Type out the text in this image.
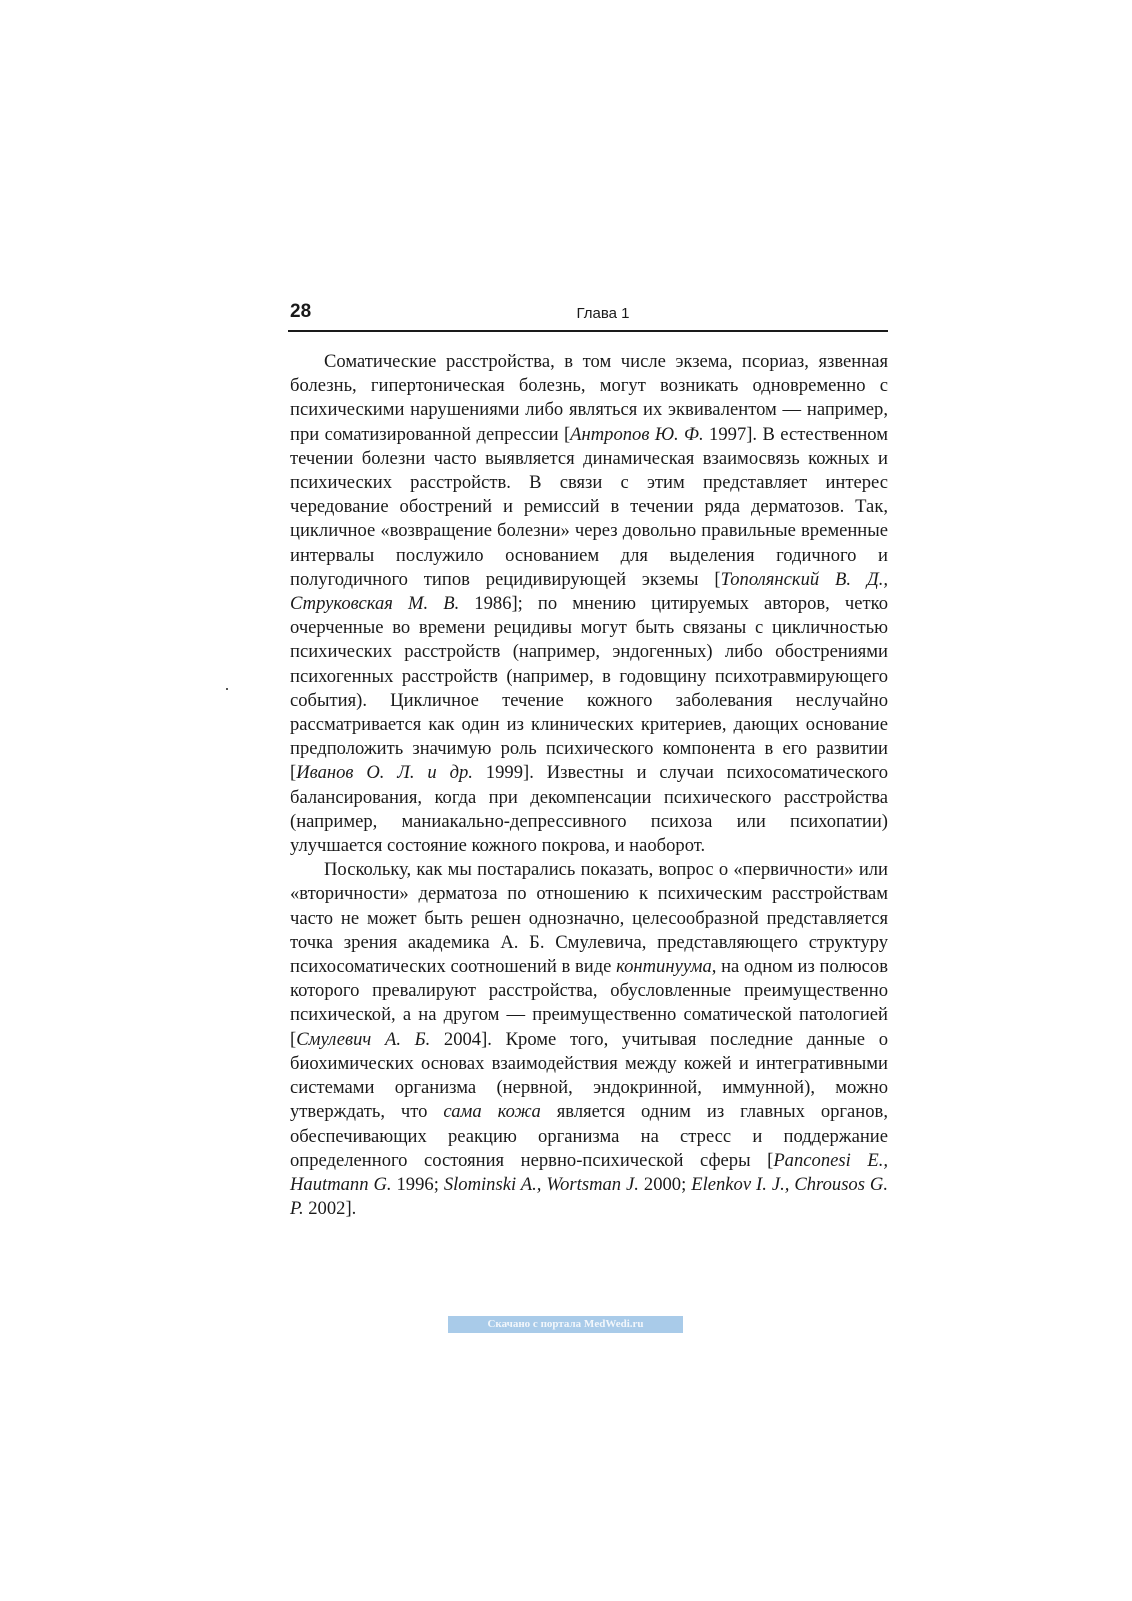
28	Глава 1

Соматические расстройства, в том числе экзема, псориаз, язвенная болезнь, гипертоническая болезнь, могут возникать одновременно с психическими нарушениями либо являться их эквивалентом — например, при соматизированной депрессии [Антропов Ю. Ф. 1997]. В естественном течении болезни часто выявляется динамическая взаимосвязь кожных и психических расстройств. В связи с этим представляет интерес чередование обострений и ремиссий в течении ряда дерматозов. Так, цикличное «возвращение болезни» через довольно правильные временные интервалы послужило основанием для выделения годичного и полугодичного типов рецидивирующей экземы [Тополянский В. Д., Струковская М. В. 1986]; по мнению цитируемых авторов, четко очерченные во времени рецидивы могут быть связаны с цикличностью психических расстройств (например, эндогенных) либо обострениями психогенных расстройств (например, в годовщину психотравмирующего события). Цикличное течение кожного заболевания неслучайно рассматривается как один из клинических критериев, дающих основание предположить значимую роль психического компонента в его развитии [Иванов О. Л. и др. 1999]. Известны и случаи психосоматического балансирования, когда при декомпенсации психического расстройства (например, маниакально-депрессивного психоза или психопатии) улучшается состояние кожного покрова, и наоборот.

Поскольку, как мы постарались показать, вопрос о «первичности» или «вторичности» дерматоза по отношению к психическим расстройствам часто не может быть решен однозначно, целесообразной представляется точка зрения академика А. Б. Смулевича, представляющего структуру психосоматических соотношений в виде континуума, на одном из полюсов которого превалируют расстройства, обусловленные преимущественно психической, а на другом — преимущественно соматической патологией [Смулевич А. Б. 2004]. Кроме того, учитывая последние данные о биохимических основах взаимодействия между кожей и интегративными системами организма (нервной, эндокринной, иммунной), можно утверждать, что сама кожа является одним из главных органов, обеспечивающих реакцию организма на стресс и поддержание определенного состояния нервно-психической сферы [Panconesi E., Hautmann G. 1996; Slominski A., Wortsman J. 2000; Elenkov I. J., Chrousos G. P. 2002].

Скачано с портала MedWedi.ru
